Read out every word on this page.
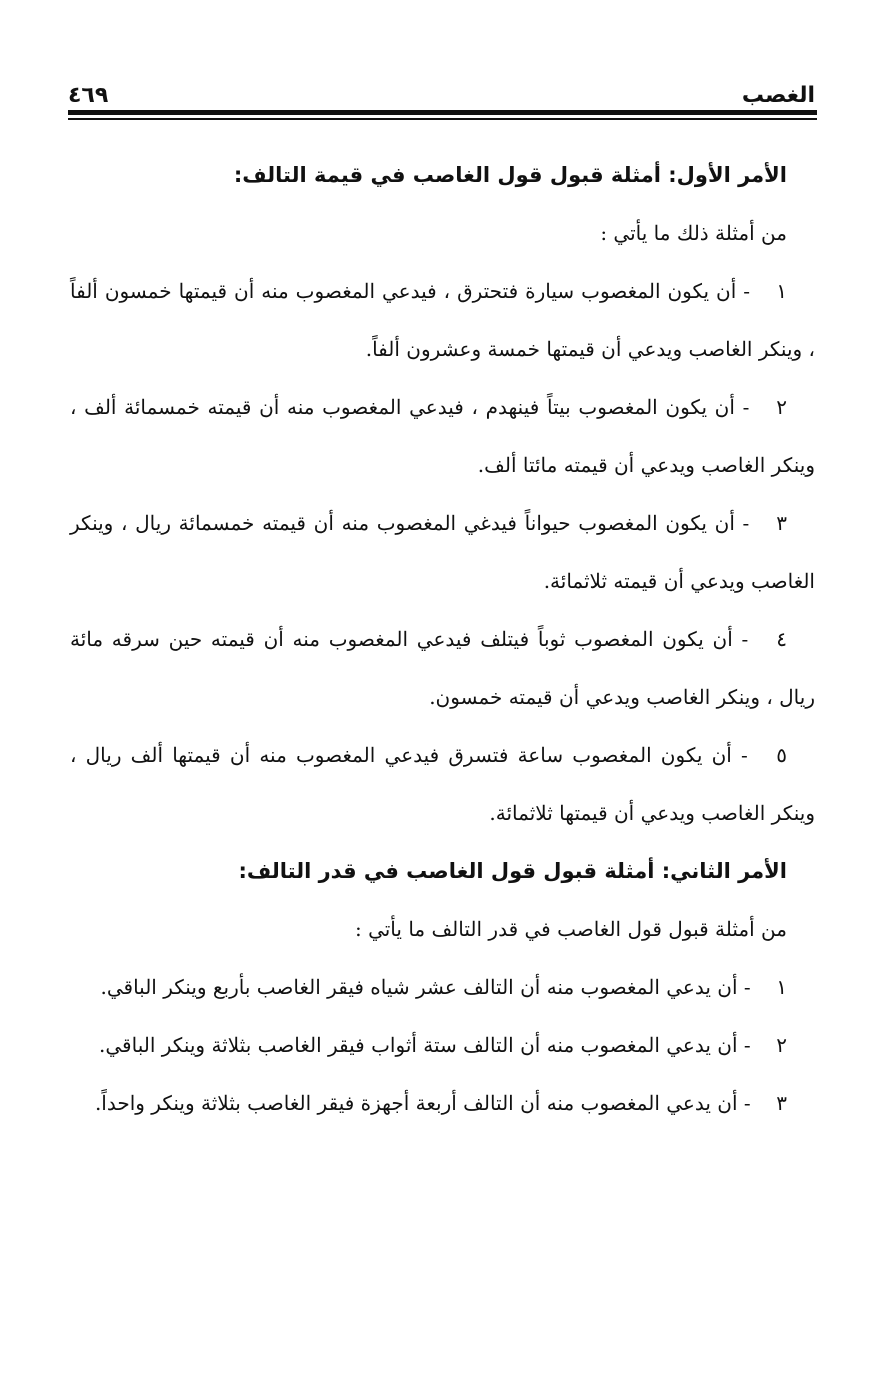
الغصب
٤٦٩

الأمر الأول: أمثلة قبول قول الغاصب في قيمة التالف:

من أمثلة ذلك ما يأتي :

١ - أن يكون المغصوب سيارة فتحترق ، فيدعي المغصوب منه أن قيمتها خمسون ألفاً ، وينكر الغاصب ويدعي أن قيمتها خمسة وعشرون ألفاً.

٢ - أن يكون المغصوب بيتاً فينهدم ، فيدعي المغصوب منه أن قيمته خمسمائة ألف ، وينكر الغاصب ويدعي أن قيمته مائتا ألف.

٣ - أن يكون المغصوب حيواناً فيدغي المغصوب منه أن قيمته خمسمائة ريال ، وينكر الغاصب ويدعي أن قيمته ثلاثمائة.

٤ - أن يكون المغصوب ثوباً فيتلف فيدعي المغصوب منه أن قيمته حين سرقه مائة ريال ، وينكر الغاصب ويدعي أن قيمته خمسون.

٥ - أن يكون المغصوب ساعة فتسرق فيدعي المغصوب منه أن قيمتها ألف ريال ، وينكر الغاصب ويدعي أن قيمتها ثلاثمائة.

الأمر الثاني: أمثلة قبول قول الغاصب في قدر التالف:

من أمثلة قبول قول الغاصب في قدر التالف ما يأتي :

١ - أن يدعي المغصوب منه أن التالف عشر شياه فيقر الغاصب بأربع وينكر الباقي.

٢ - أن يدعي المغصوب منه أن التالف ستة أثواب فيقر الغاصب بثلاثة وينكر الباقي.

٣ - أن يدعي المغصوب منه أن التالف أربعة أجهزة فيقر الغاصب بثلاثة وينكر واحداً.
